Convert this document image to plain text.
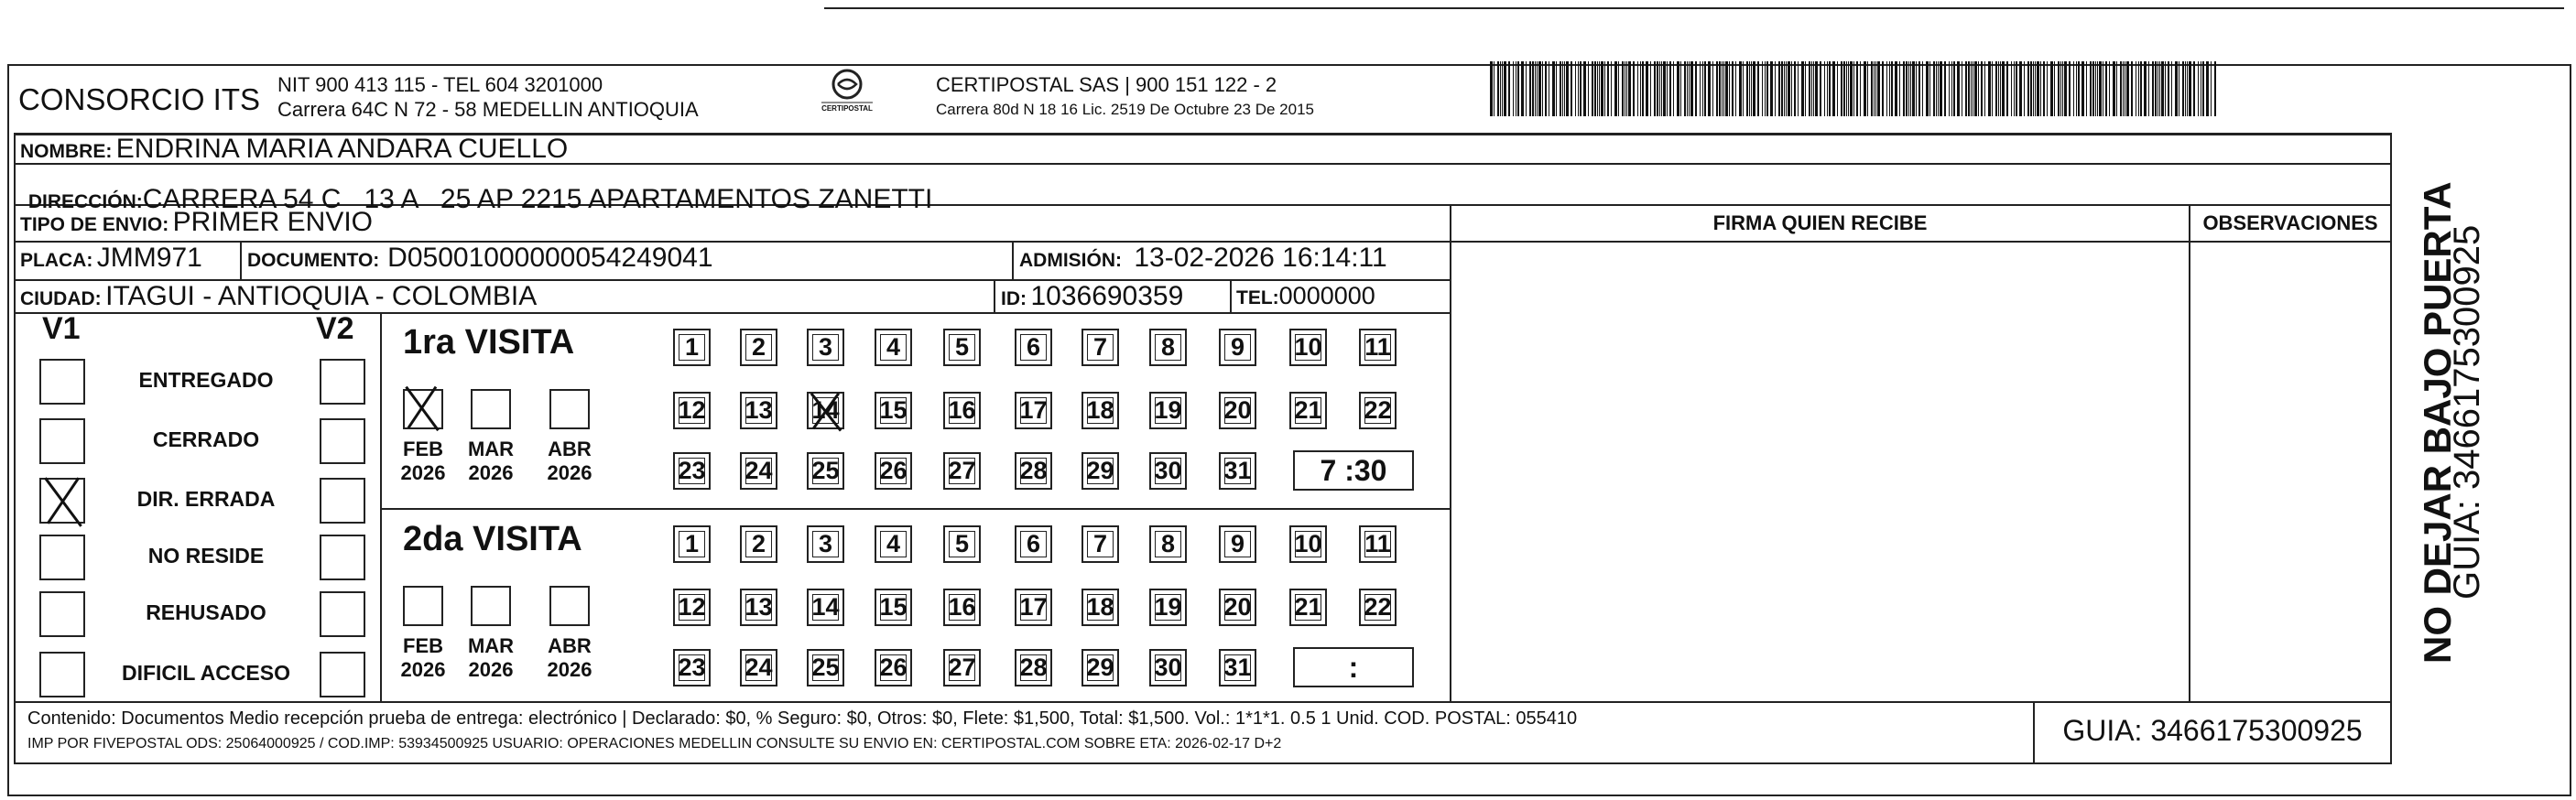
CONSORCIO ITS NIT 900 413 115 - TEL 604 3201000
Carrera 64C N 72 - 58 MEDELLIN ANTIOQUIA	CERTIPOSTAL
CERTIPOSTAL SAS | 900 151 122 - 2
Carrera 80d N 18 16 Lic. 2519 De Octubre 23 De 2015
NOMBRE: ENDRINA MARIA ANDARA CUELLO

DIRECCIÓN:CARRERA 54 C   13 A   25 AP 2215 APARTAMENTOS ZANETTI

TIPO DE ENVIO: PRIMER ENVIO	FIRMA QUIEN RECIBE	OBSERVACIONES
PLACA: JMM971 DOCUMENTO: D05001000000054249041	ADMISIÓN: 13-02-2026 16:14:11
CIUDAD: ITAGUI - ANTIOQUIA - COLOMBIA	ID: 1036690359	TEL:0000000
V1	V2
ENTREGADO
CERRADO
DIR. ERRADA
NO RESIDE
REHUSADO
DIFICIL ACCESO
1ra VISITA
FEB
2026
MAR
2026
ABR
2026
1 2 3 4 5 6 7 8 9 10 11
12 13 14 15 16 17 18 19 20 21 22
23 24 25 26 27 28 29 30 31 7 :30
2da VISITA
FEB
2026
MAR
2026
ABR
2026
1 2 3 4 5 6 7 8 9 10 11
12 13 14 15 16 17 18 19 20 21 22
23 24 25 26 27 28 29 30 31	:
Contenido: Documentos Medio recepción prueba de entrega: electrónico | Declarado: $0, % Seguro: $0, Otros: $0, Flete: $1,500, Total: $1,500. Vol.: 1*1*1. 0.5 1 Unid. COD. POSTAL: 055410
IMP POR FIVEPOSTAL ODS: 25064000925 / COD.IMP: 53934500925 USUARIO: OPERACIONES MEDELLIN CONSULTE SU ENVIO EN: CERTIPOSTAL.COM SOBRE ETA: 2026-02-17 D+2	GUIA: 3466175300925
NO DEJAR BAJO PUERTA
GUIA: 3466175300925
